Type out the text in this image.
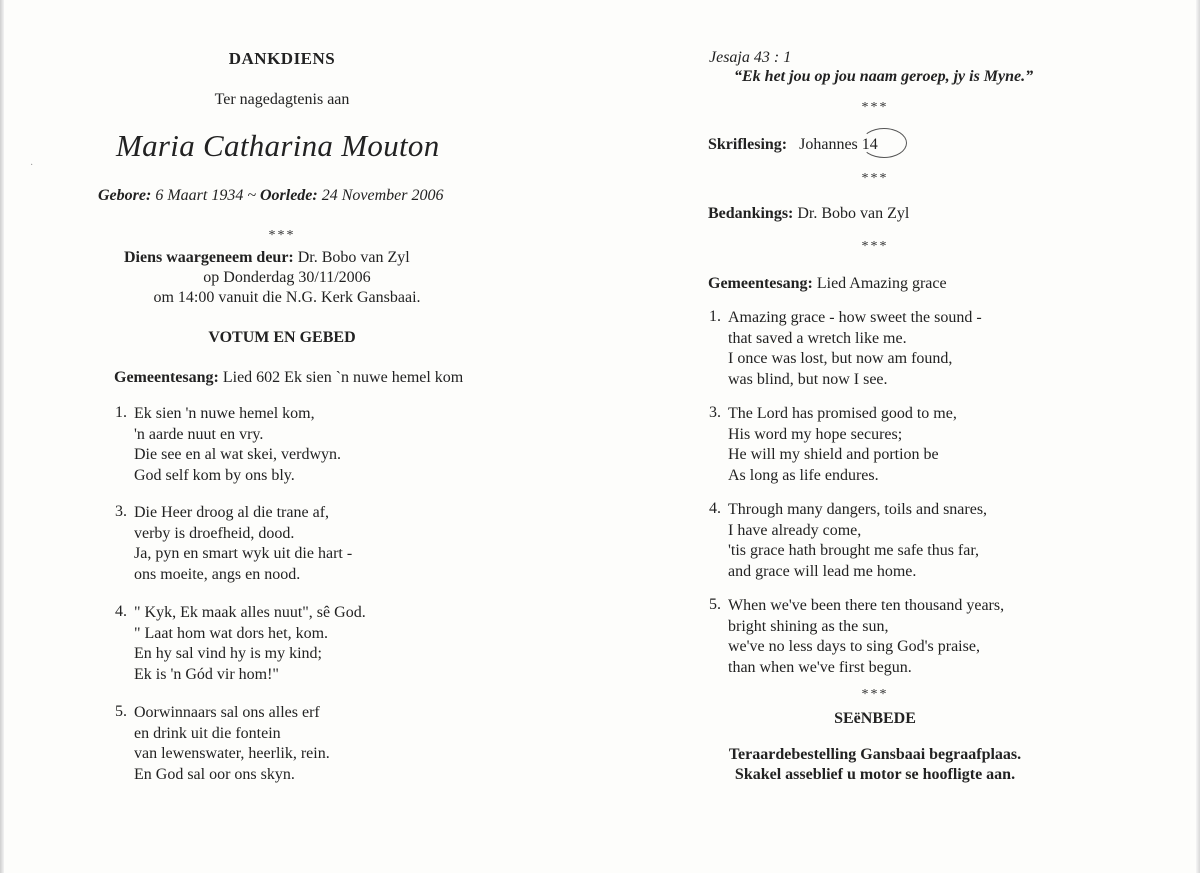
·
DANKDIENS
Ter nagedagtenis aan
Maria Catharina Mouton
Gebore: 6 Maart 1934 ~ Oorlede: 24 November 2006
***
Diens waargeneem deur: Dr. Bobo van Zyl
op Donderdag 30/11/2006
om 14:00 vanuit die N.G. Kerk Gansbaai.
VOTUM EN GEBED
Gemeentesang: Lied 602 Ek sien `n nuwe hemel kom
1. Ek sien 'n nuwe hemel kom,
'n aarde nuut en vry.
Die see en al wat skei, verdwyn.
God self kom by ons bly.
3. Die Heer droog al die trane af,
verby is droefheid, dood.
Ja, pyn en smart wyk uit die hart -
ons moeite, angs en nood.
4. " Kyk, Ek maak alles nuut", sê God.
" Laat hom wat dors het, kom.
En hy sal vind hy is my kind;
Ek is 'n Gód vir hom!"
5. Oorwinnaars sal ons alles erf
en drink uit die fontein
van lewenswater, heerlik, rein.
En God sal oor ons skyn.
Jesaja 43 : 1
“Ek het jou op jou naam geroep, jy is Myne.”
***
Skriflesing: Johannes 14
***
Bedankings: Dr. Bobo van Zyl
***
Gemeentesang: Lied Amazing grace
1. Amazing grace - how sweet the sound -
that saved a wretch like me.
I once was lost, but now am found,
was blind, but now I see.
3. The Lord has promised good to me,
His word my hope secures;
He will my shield and portion be
As long as life endures.
4. Through many dangers, toils and snares,
I have already come,
'tis grace hath brought me safe thus far,
and grace will lead me home.
5. When we've been there ten thousand years,
bright shining as the sun,
we've no less days to sing God's praise,
than when we've first begun.
***
SEëNBEDE
Teraardebestelling Gansbaai begraafplaas.
Skakel asseblief u motor se hoofligte aan.
